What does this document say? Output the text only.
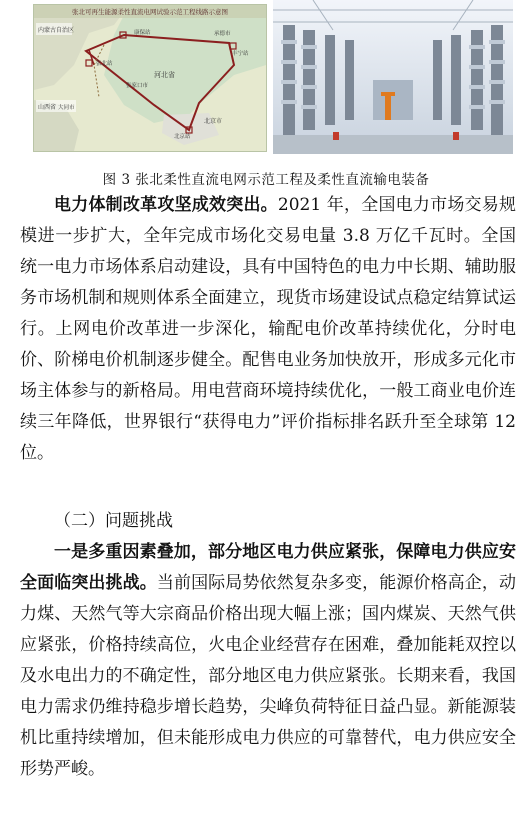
张北可再生能源柔性直流电网试验示范工程线路示意图
内蒙古自治区	康保站	承德市
丰宁站
张北站
河北省
张家口市
北京市
北京站
山西省 大同市
图 3 张北柔性直流电网示范工程及柔性直流输电装备

电力体制改革攻坚成效突出。2021 年，全国电力市场交易规模进一步扩大，全年完成市场化交易电量 3.8 万亿千瓦时。全国统一电力市场体系启动建设，具有中国特色的电力中长期、辅助服务市场机制和规则体系全面建立，现货市场建设试点稳定结算试运行。上网电价改革进一步深化，输配电价改革持续优化，分时电价、阶梯电价机制逐步健全。配售电业务加快放开，形成多元化市场主体参与的新格局。用电营商环境持续优化，一般工商业电价连续三年降低，世界银行“获得电力”评价指标排名跃升至全球第 12 位。

（二）问题挑战

一是多重因素叠加，部分地区电力供应紧张，保障电力供应安全面临突出挑战。当前国际局势依然复杂多变，能源价格高企，动力煤、天然气等大宗商品价格出现大幅上涨；国内煤炭、天然气供应紧张，价格持续高位，火电企业经营存在困难，叠加能耗双控以及水电出力的不确定性，部分地区电力供应紧张。长期来看，我国电力需求仍维持稳步增长趋势，尖峰负荷特征日益凸显。新能源装机比重持续增加，但未能形成电力供应的可靠替代，电力供应安全形势严峻。
